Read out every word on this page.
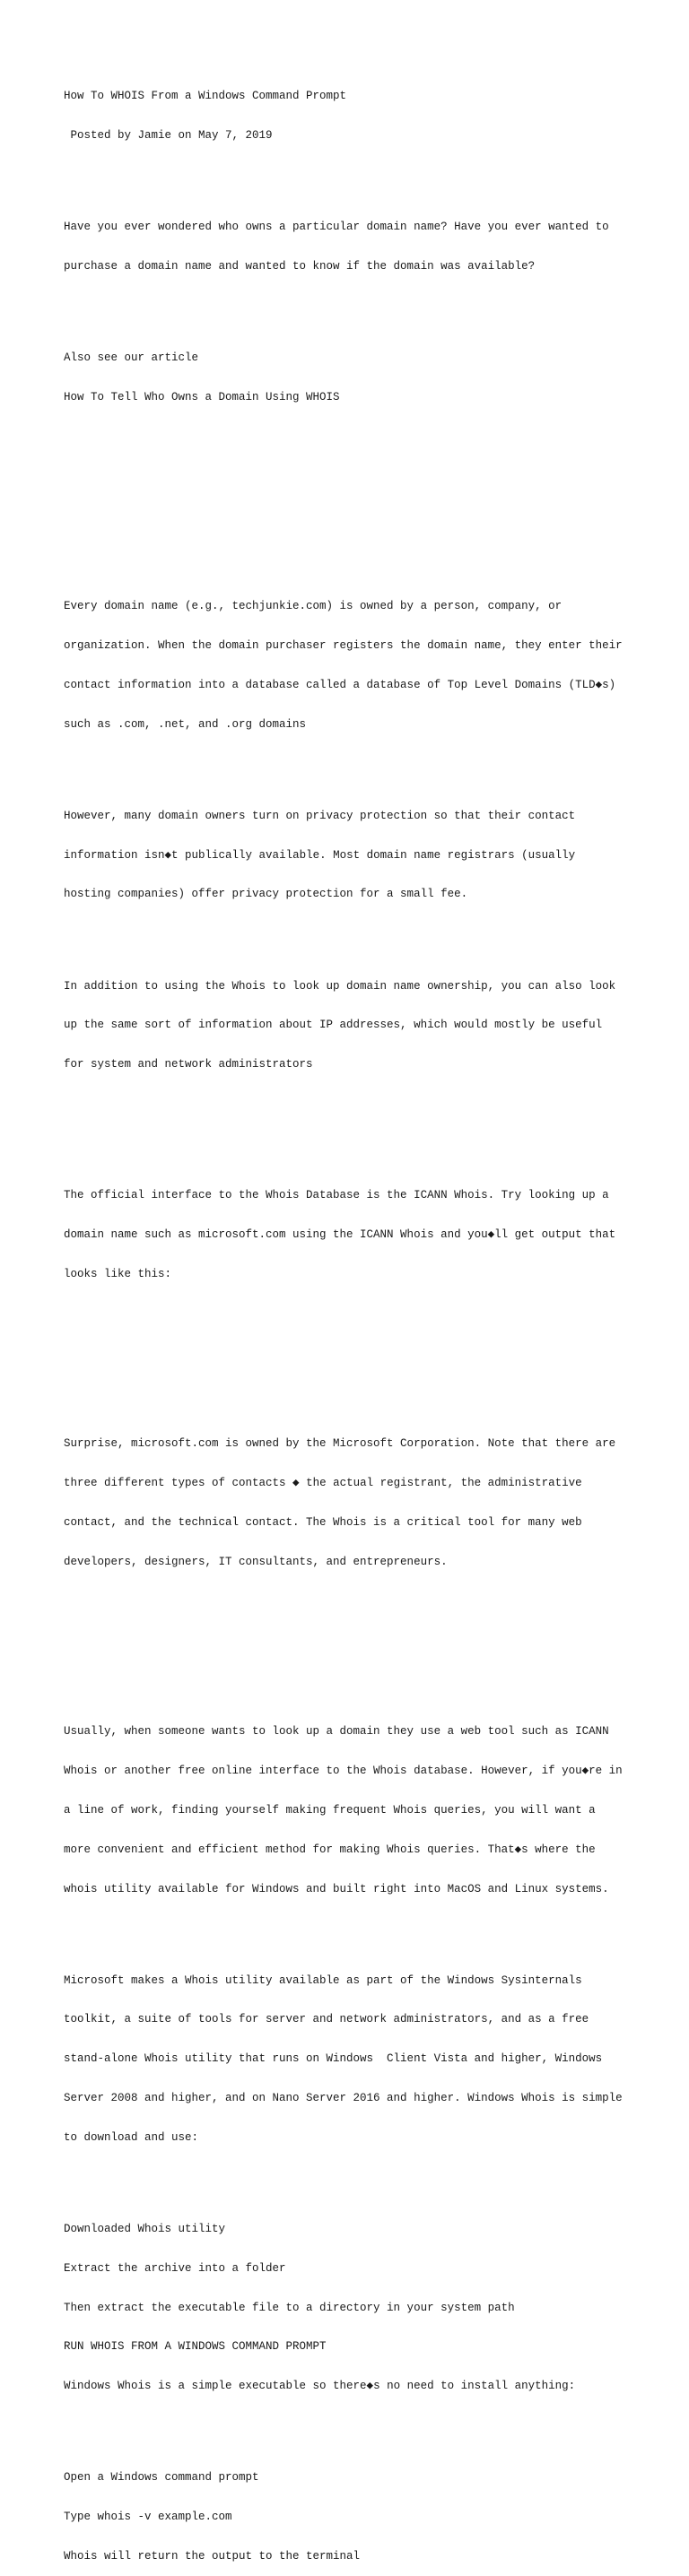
How To WHOIS From a Windows Command Prompt

Posted by Jamie on May 7, 2019

Have you ever wondered who owns a particular domain name? Have you ever wanted to

purchase a domain name and wanted to know if the domain was available?

Also see our article

How To Tell Who Owns a Domain Using WHOIS

Every domain name (e.g., techjunkie.com) is owned by a person, company, or

organization. When the domain purchaser registers the domain name, they enter their

contact information into a database called a database of Top Level Domains (TLD◆s)

such as .com, .net, and .org domains

However, many domain owners turn on privacy protection so that their contact

information isn◆t publically available. Most domain name registrars (usually

hosting companies) offer privacy protection for a small fee.

In addition to using the Whois to look up domain name ownership, you can also look

up the same sort of information about IP addresses, which would mostly be useful

for system and network administrators

The official interface to the Whois Database is the ICANN Whois. Try looking up a

domain name such as microsoft.com using the ICANN Whois and you◆ll get output that

looks like this:

Surprise, microsoft.com is owned by the Microsoft Corporation. Note that there are

three different types of contacts ◆ the actual registrant, the administrative

contact, and the technical contact. The Whois is a critical tool for many web

developers, designers, IT consultants, and entrepreneurs.

Usually, when someone wants to look up a domain they use a web tool such as ICANN

Whois or another free online interface to the Whois database. However, if you◆re in

a line of work, finding yourself making frequent Whois queries, you will want a

more convenient and efficient method for making Whois queries. That◆s where the

whois utility available for Windows and built right into MacOS and Linux systems.

Microsoft makes a Whois utility available as part of the Windows Sysinternals

toolkit, a suite of tools for server and network administrators, and as a free

stand-alone Whois utility that runs on Windows  Client Vista and higher, Windows

Server 2008 and higher, and on Nano Server 2016 and higher. Windows Whois is simple

to download and use:

Downloaded Whois utility

Extract the archive into a folder

Then extract the executable file to a directory in your system path

RUN WHOIS FROM A WINDOWS COMMAND PROMPT

Windows Whois is a simple executable so there◆s no need to install anything:

Open a Windows command prompt

Type whois -v example.com

Whois will return the output to the terminal
